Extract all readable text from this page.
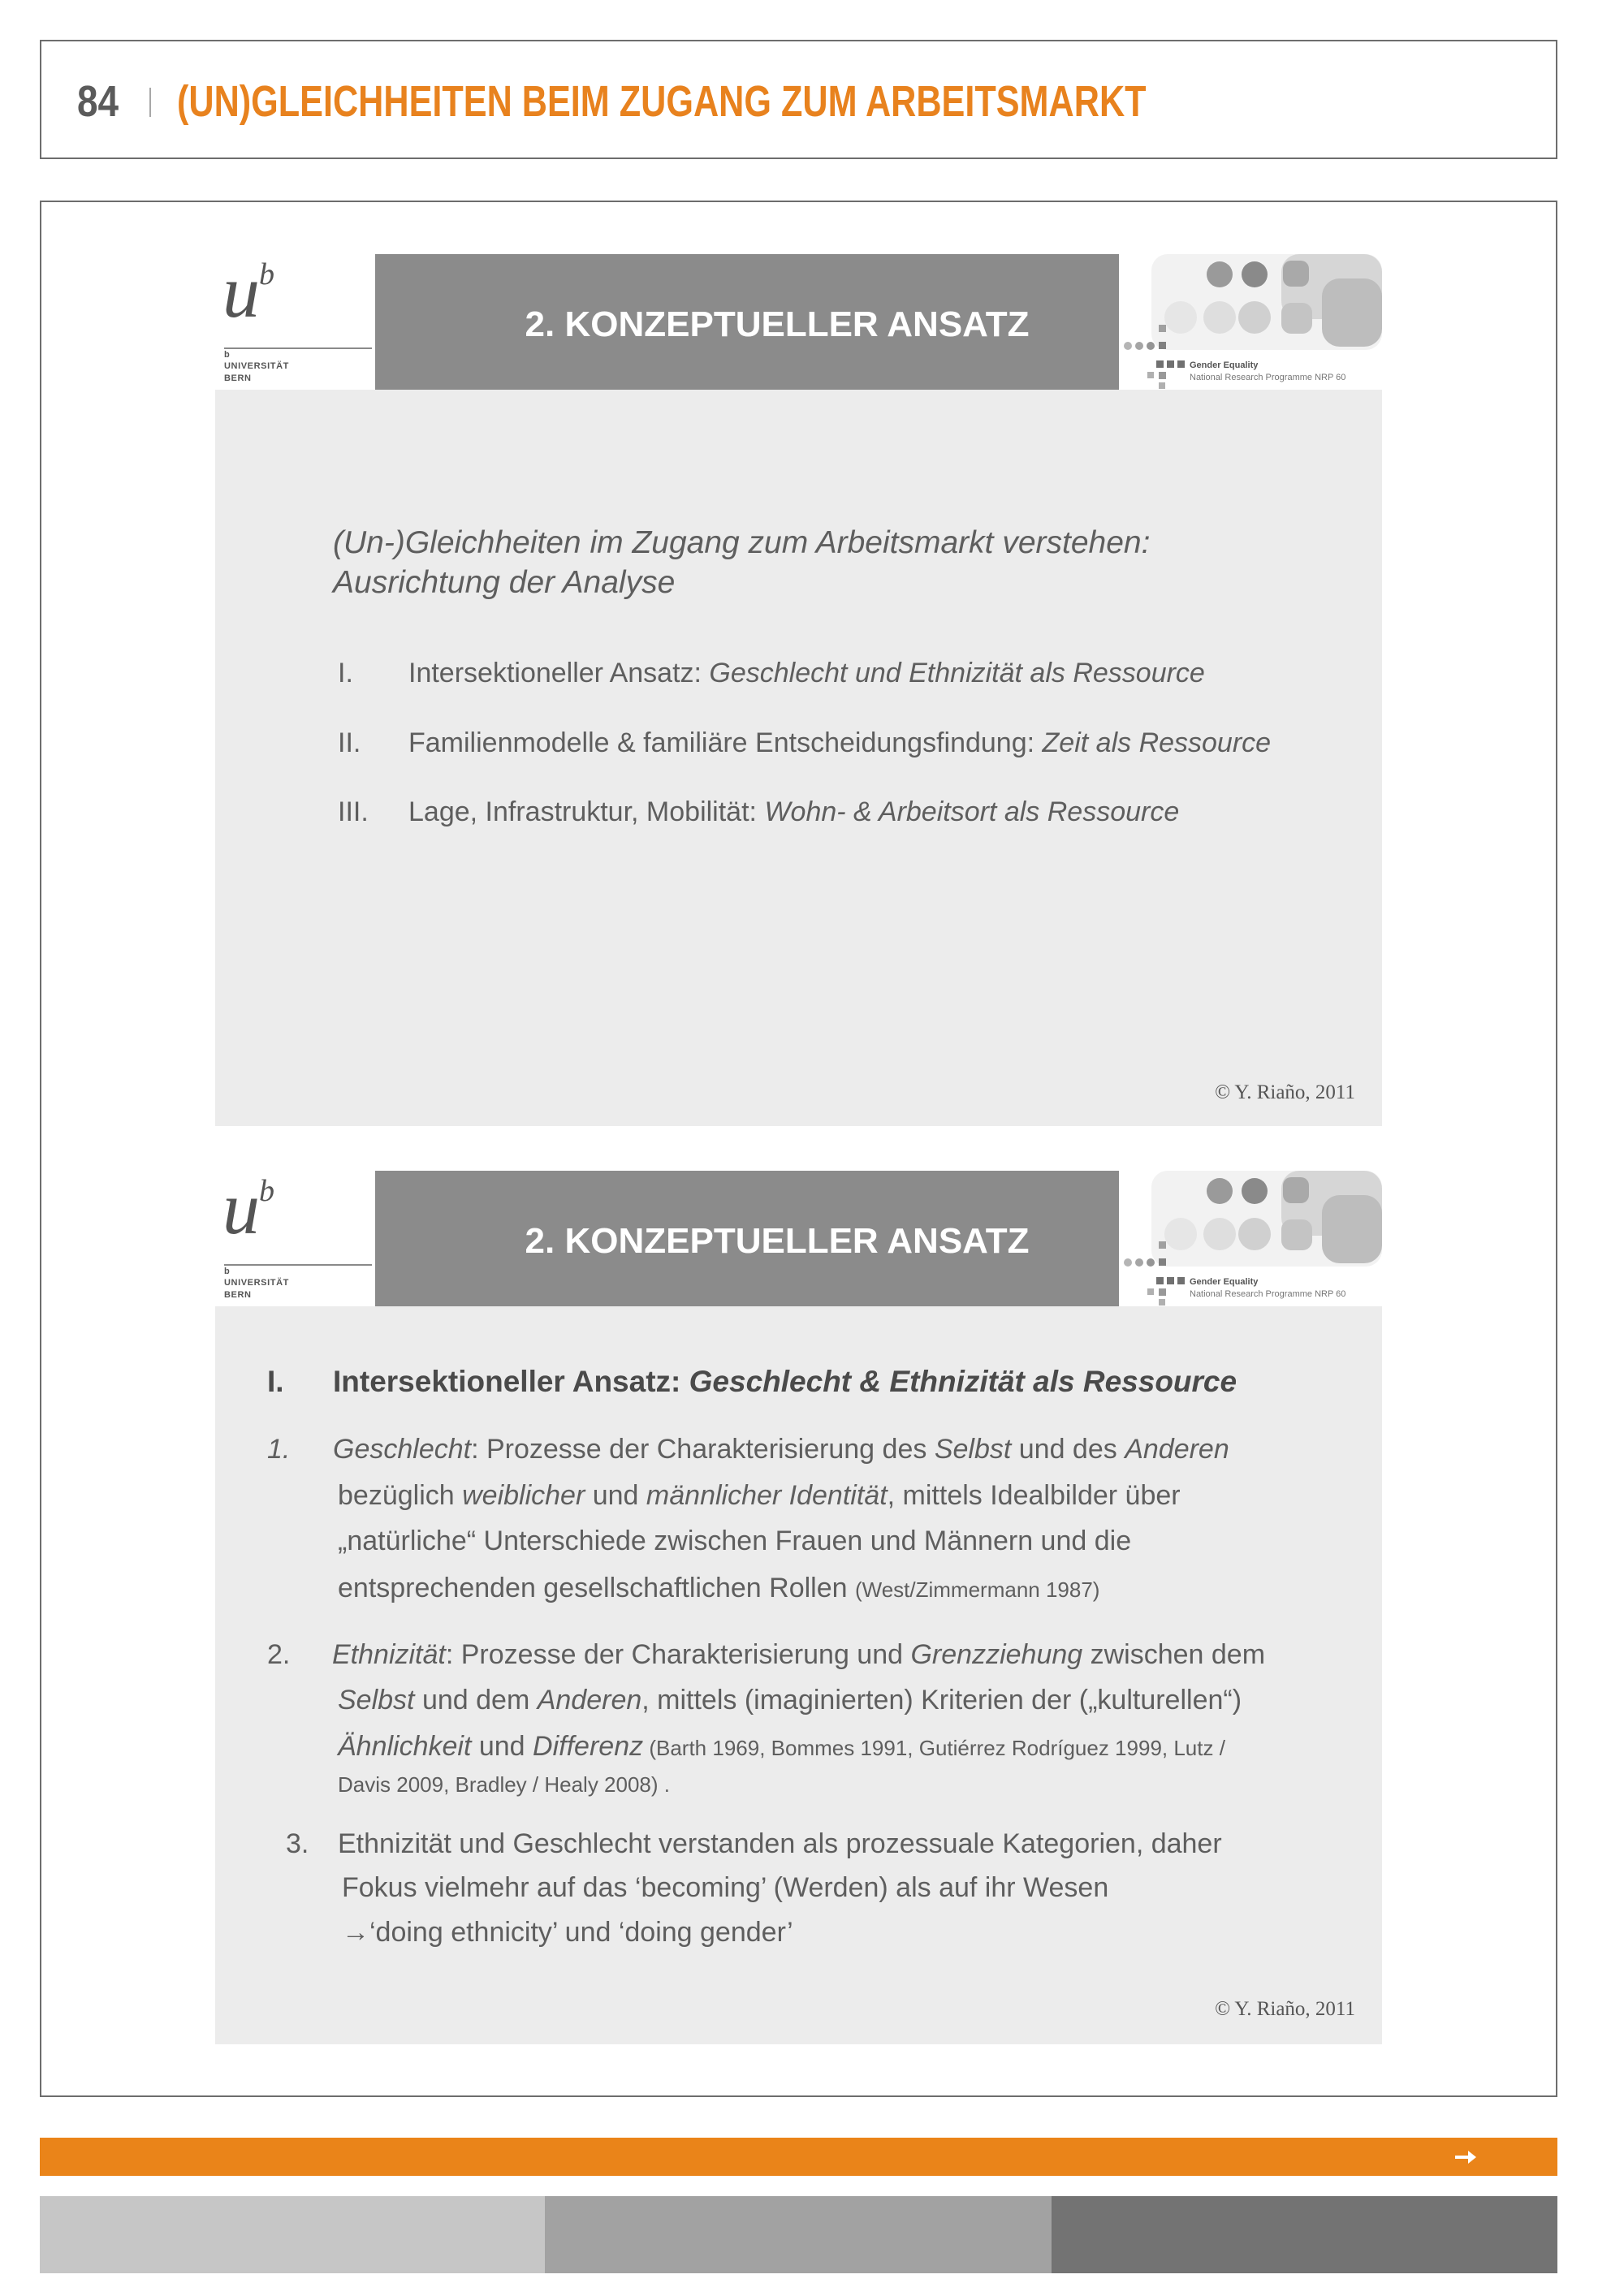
84 (UN)GLEICHHEITEN BEIM ZUGANG ZUM ARBEITSMARKT
u b
b
UNIVERSITÄT
BERN
2. KONZEPTUELLER ANSATZ
Gender Equality
National Research Programme NRP 60
(Un-)Gleichheiten im Zugang zum Arbeitsmarkt verstehen:
Ausrichtung der Analyse
I. Intersektioneller Ansatz: Geschlecht und Ethnizität als Ressource
II. Familienmodelle & familiäre Entscheidungsfindung: Zeit als Ressource
III. Lage, Infrastruktur, Mobilität: Wohn- & Arbeitsort als Ressource
© Y. Riaño, 2011
u b
b
UNIVERSITÄT
BERN
2. KONZEPTUELLER ANSATZ
Gender Equality
National Research Programme NRP 60
I. Intersektioneller Ansatz: Geschlecht & Ethnizität als Ressource
1. Geschlecht: Prozesse der Charakterisierung des Selbst und des Anderen
bezüglich weiblicher und männlicher Identität, mittels Idealbilder über
„natürliche“ Unterschiede zwischen Frauen und Männern und die
entsprechenden gesellschaftlichen Rollen (West/Zimmermann 1987)
2. Ethnizität: Prozesse der Charakterisierung und Grenzziehung zwischen dem
Selbst und dem Anderen, mittels (imaginierten) Kriterien der („kulturellen“)
Ähnlichkeit und Differenz (Barth 1969, Bommes 1991, Gutiérrez Rodríguez 1999, Lutz /
Davis 2009, Bradley / Healy 2008) .
3. Ethnizität und Geschlecht verstanden als prozessuale Kategorien, daher
Fokus vielmehr auf das ‘becoming’ (Werden) als auf ihr Wesen
→‘doing ethnicity’ und ‘doing gender’
© Y. Riaño, 2011
